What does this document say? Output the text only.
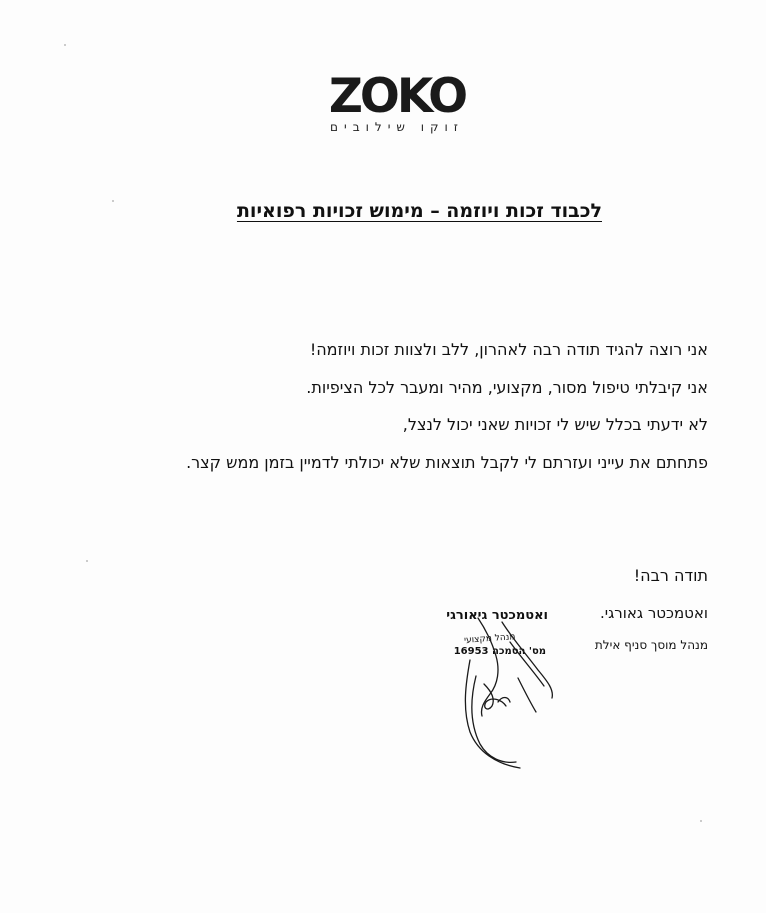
ZOKO
זוקו שילובים
לכבוד זכות ויוזמה – מימוש זכויות רפואיות
אני רוצה להגיד תודה רבה לאהרון, ללב ולצוות זכות ויוזמה!
אני קיבלתי טיפול מסור, מקצועי, מהיר ומעבר לכל הציפיות.
לא ידעתי בכלל שיש לי זכויות שאני יכול לנצל,
פתחתם את עייני ועזרתם לי לקבל תוצאות שלא יכולתי לדמיין בזמן ממש קצר.
תודה רבה!
ואטמכטר גאורגי.
מנהל מוסך סניף אילת
ואטמכטר גיאורגי
מנהל מקצועי
מס' הסמכה 16953
